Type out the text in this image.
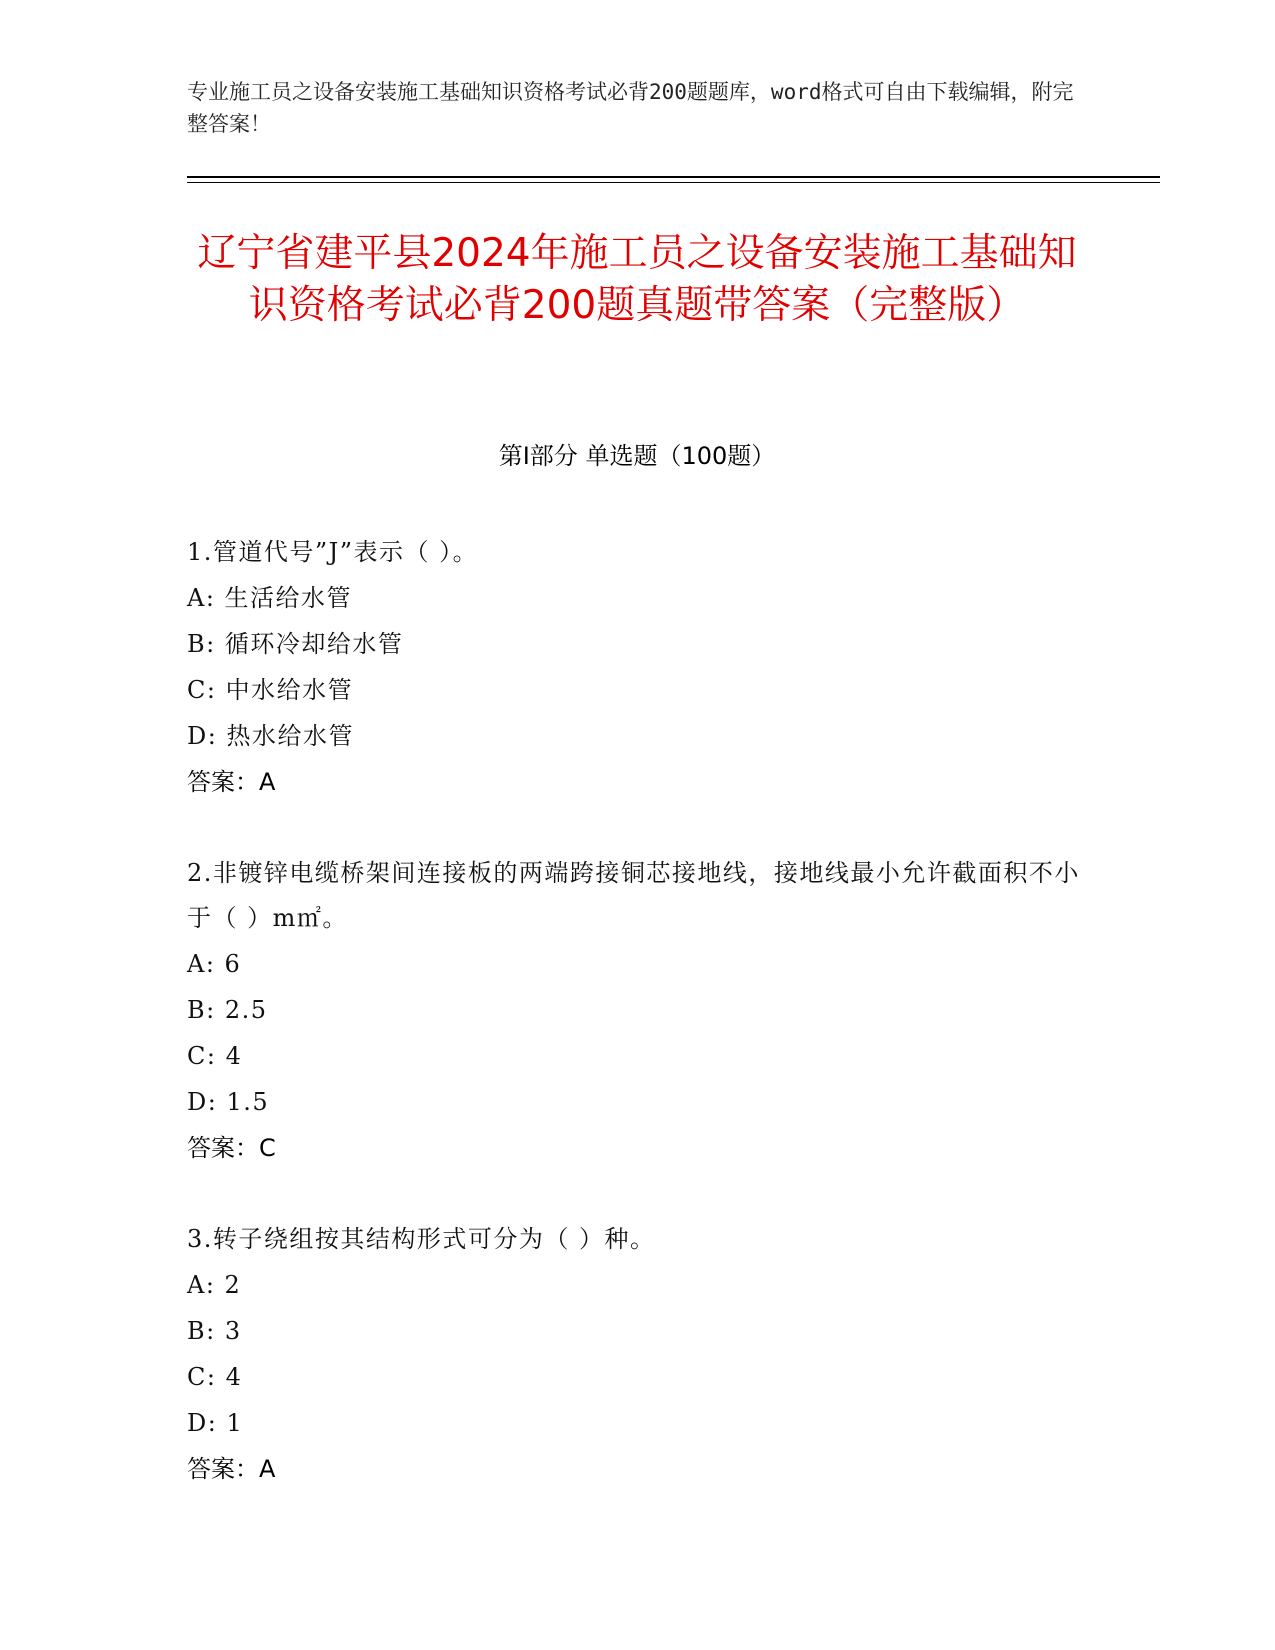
专业施工员之设备安装施工基础知识资格考试必背200题题库，word格式可自由下载编辑，附完整答案！
辽宁省建平县2024年施工员之设备安装施工基础知识资格考试必背200题真题带答案（完整版）
第I部分 单选题（100题）
1.管道代号”J”表示（ ）。
A: 生活给水管
B: 循环冷却给水管
C: 中水给水管
D: 热水给水管
答案：A
2.非镀锌电缆桥架间连接板的两端跨接铜芯接地线，接地线最小允许截面积不小于（ ）m㎡。
A: 6
B: 2.5
C: 4
D: 1.5
答案：C
3.转子绕组按其结构形式可分为（ ）种。
A: 2
B: 3
C: 4
D: 1
答案：A
